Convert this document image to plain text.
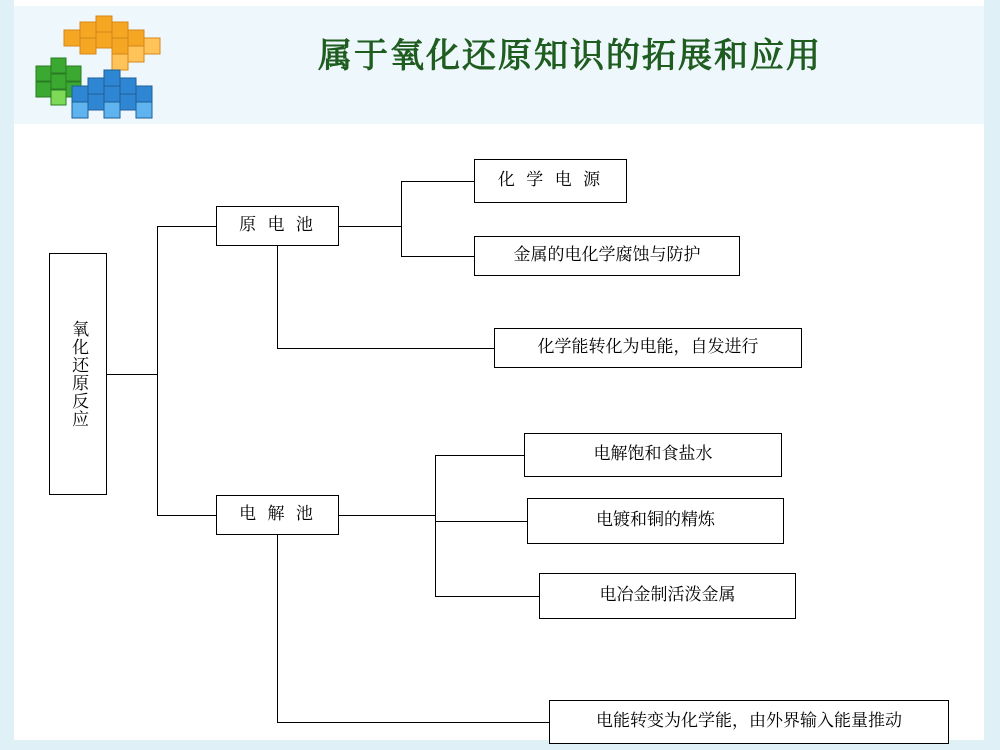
属于氧化还原知识的拓展和应用
氧化还原反应
原 电 池
化 学 电 源
金属的电化学腐蚀与防护
化学能转化为电能，自发进行
电 解 池
电解饱和食盐水
电镀和铜的精炼
电冶金制活泼金属
电能转变为化学能，由外界输入能量推动
